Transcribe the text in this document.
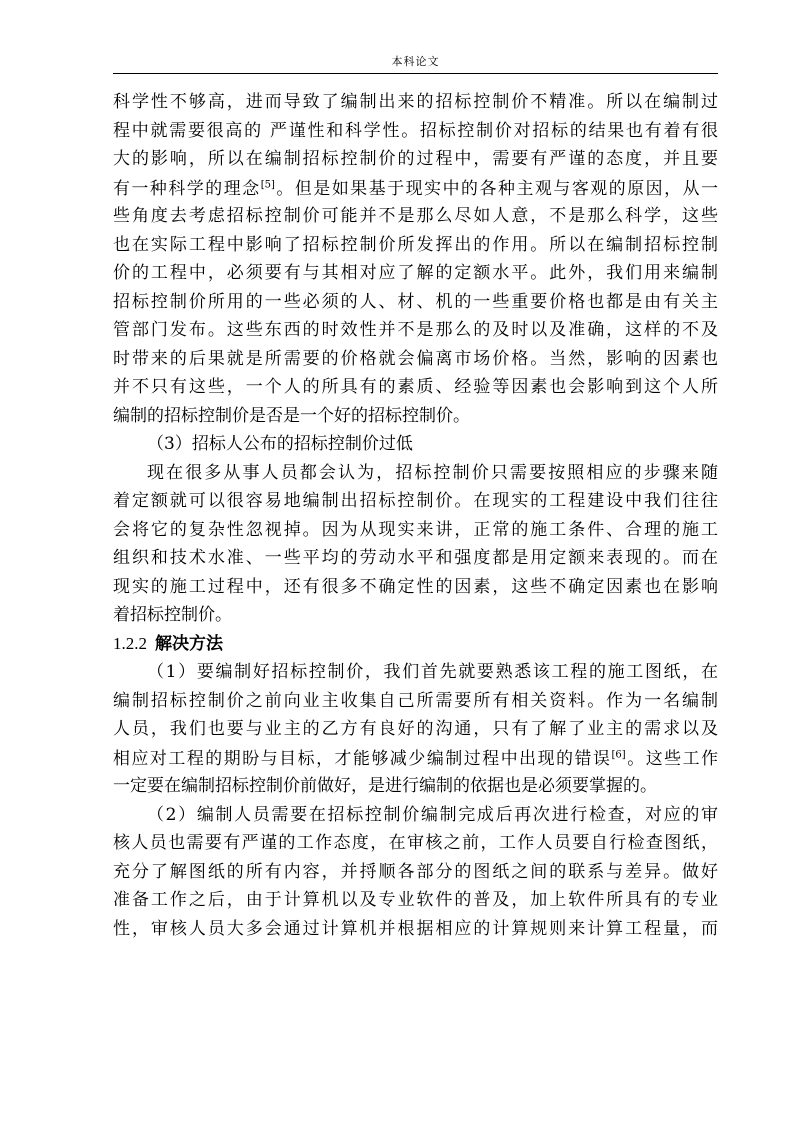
本科论文
科学性不够高，进而导致了编制出来的招标控制价不精准。所以在编制过
程中就需要很高的 严谨性和科学性。招标控制价对招标的结果也有着有很
大的影响，所以在编制招标控制价的过程中，需要有严谨的态度，并且要
有一种科学的理念[5]。但是如果基于现实中的各种主观与客观的原因，从一
些角度去考虑招标控制价可能并不是那么尽如人意，不是那么科学，这些
也在实际工程中影响了招标控制价所发挥出的作用。所以在编制招标控制
价的工程中，必须要有与其相对应了解的定额水平。此外，我们用来编制
招标控制价所用的一些必须的人、材、机的一些重要价格也都是由有关主
管部门发布。这些东西的时效性并不是那么的及时以及准确，这样的不及
时带来的后果就是所需要的价格就会偏离市场价格。当然，影响的因素也
并不只有这些，一个人的所具有的素质、经验等因素也会影响到这个人所
编制的招标控制价是否是一个好的招标控制价。
（3）招标人公布的招标控制价过低
现在很多从事人员都会认为，招标控制价只需要按照相应的步骤来随
着定额就可以很容易地编制出招标控制价。在现实的工程建设中我们往往
会将它的复杂性忽视掉。因为从现实来讲，正常的施工条件、合理的施工
组织和技术水准、一些平均的劳动水平和强度都是用定额来表现的。而在
现实的施工过程中，还有很多不确定性的因素，这些不确定因素也在影响
着招标控制价。
1.2.2 解决方法
（1）要编制好招标控制价，我们首先就要熟悉该工程的施工图纸，在
编制招标控制价之前向业主收集自己所需要所有相关资料。作为一名编制
人员，我们也要与业主的乙方有良好的沟通，只有了解了业主的需求以及
相应对工程的期盼与目标，才能够减少编制过程中出现的错误[6]。这些工作
一定要在编制招标控制价前做好，是进行编制的依据也是必须要掌握的。
（2）编制人员需要在招标控制价编制完成后再次进行检查，对应的审
核人员也需要有严谨的工作态度，在审核之前，工作人员要自行检查图纸，
充分了解图纸的所有内容，并捋顺各部分的图纸之间的联系与差异。做好
准备工作之后，由于计算机以及专业软件的普及，加上软件所具有的专业
性，审核人员大多会通过计算机并根据相应的计算规则来计算工程量，而
